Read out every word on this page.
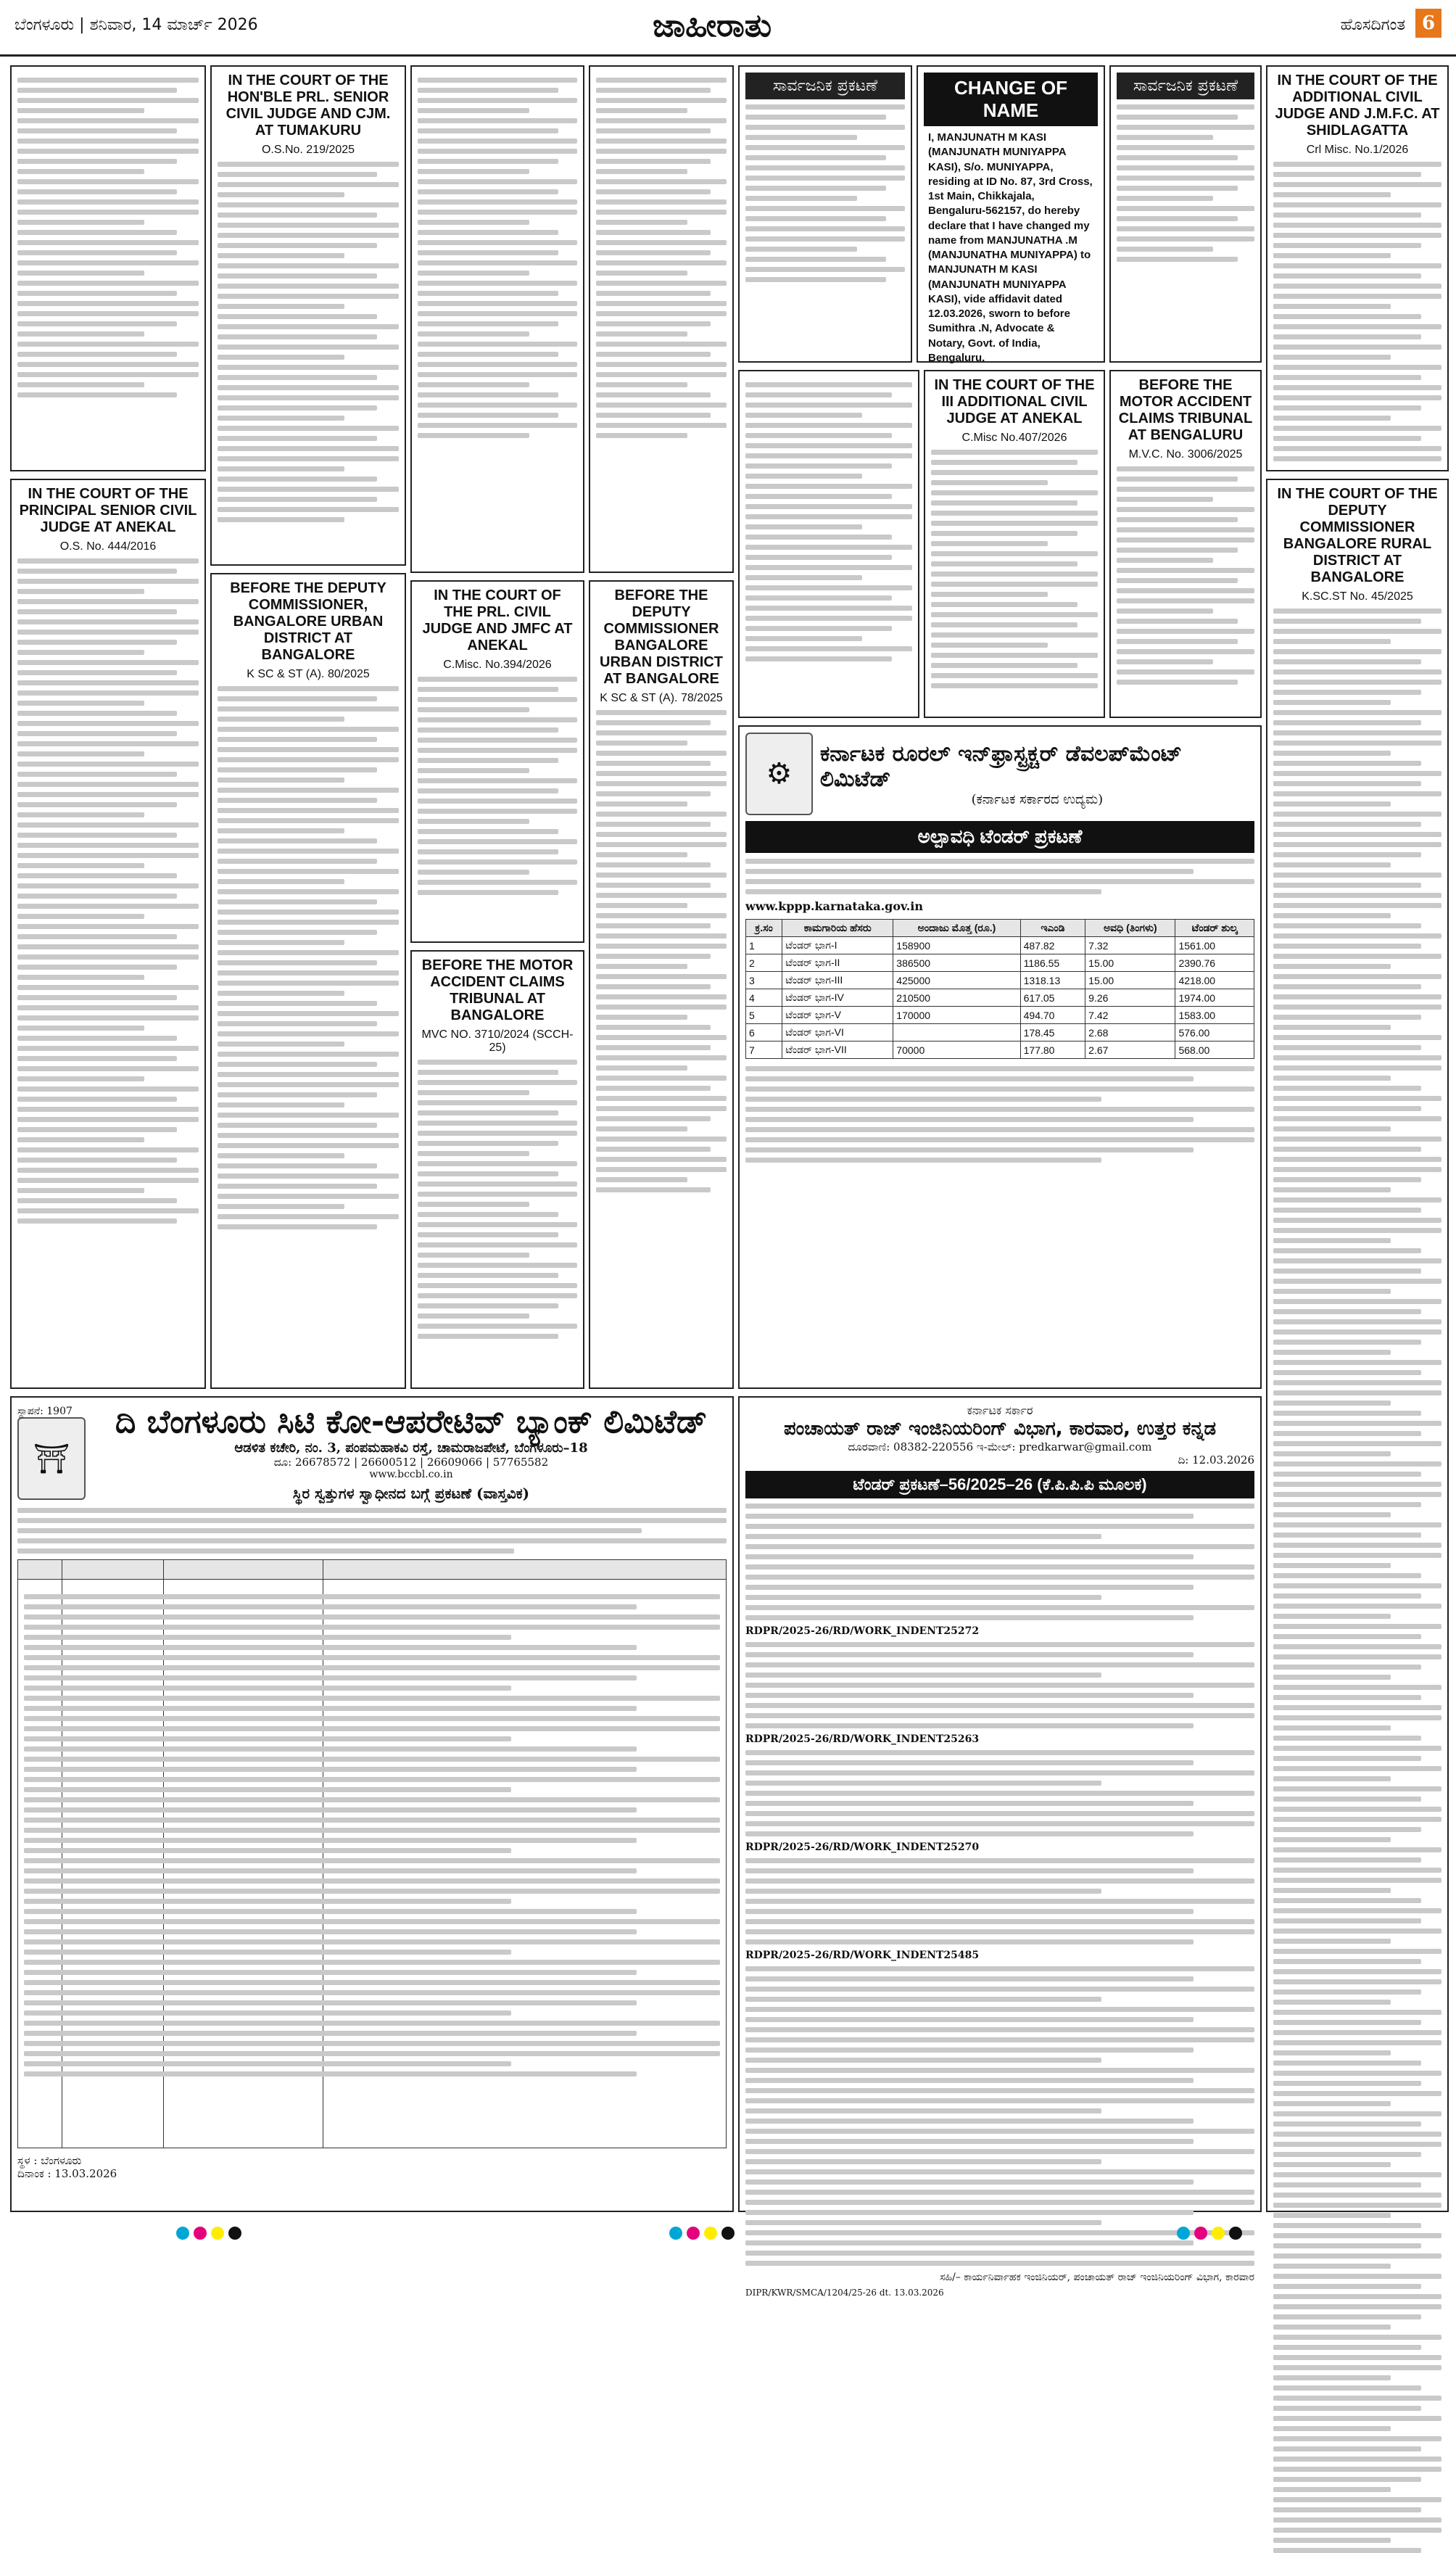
ಬೆಂಗಳೂರು | ಶನಿವಾರ, 14 ಮಾರ್ಚ್ 2026	ಜಾಹೀರಾತು	ಹೊಸದಿಗಂತ 6
IN THE COURT OF THE PRINCIPAL SENIOR CIVIL JUDGE AT ANEKAL
O.S. No. 444/2016
IN THE COURT OF THE HON'BLE PRL. SENIOR CIVIL JUDGE AND CJM. AT TUMAKURU
O.S.No. 219/2025
BEFORE THE DEPUTY COMMISSIONER, BANGALORE URBAN DISTRICT AT BANGALORE
K SC & ST (A). 80/2025
IN THE COURT OF THE PRL. CIVIL JUDGE AND JMFC AT ANEKAL
C.Misc. No.394/2026
BEFORE THE MOTOR ACCIDENT CLAIMS TRIBUNAL AT BANGALORE
MVC NO. 3710/2024 (SCCH-25)
BEFORE THE DEPUTY COMMISSIONER BANGALORE URBAN DISTRICT AT BANGALORE
K SC & ST (A). 78/2025
ಸಾರ್ವಜನಿಕ ಪ್ರಕಟಣೆ	CHANGE OF NAME
I, MANJUNATH M KASI (MANJUNATH MUNIYAPPA KASI), S/o. MUNIYAPPA, residing at ID No. 87, 3rd Cross, 1st Main, Chikkajala, Bengaluru-562157, do hereby declare that I have changed my name from MANJUNATHA .M (MANJUNATHA MUNIYAPPA) to MANJUNATH M KASI (MANJUNATH MUNIYAPPA KASI), vide affidavit dated 12.03.2026, sworn to before Sumithra .N, Advocate & Notary, Govt. of India, Bengaluru.
IN THE COURT OF THE III ADDITIONAL CIVIL JUDGE AT ANEKAL
C.Misc No.407/2026
ಸಾರ್ವಜನಿಕ ಪ್ರಕಟಣೆ
BEFORE THE MOTOR ACCIDENT CLAIMS TRIBUNAL AT BENGALURU
M.V.C. No. 3006/2025
IN THE COURT OF THE ADDITIONAL CIVIL JUDGE AND J.M.F.C. AT SHIDLAGATTA
Crl Misc. No.1/2026
IN THE COURT OF THE DEPUTY COMMISSIONER BANGALORE RURAL DISTRICT AT BANGALORE
K.SC.ST No. 45/2025
⚙
ಕರ್ನಾಟಕ ರೂರಲ್ ಇನ್‌ಫ್ರಾಸ್ಟ್ರಕ್ಚರ್ ಡೆವಲಪ್‌ಮೆಂಟ್ ಲಿಮಿಟೆಡ್
(ಕರ್ನಾಟಕ ಸರ್ಕಾರದ ಉದ್ಯಮ)
ಅಲ್ಪಾವಧಿ ಟೆಂಡರ್ ಪ್ರಕಟಣೆ
www.kppp.karnataka.gov.in
ಕ್ರ.ಸಂ	ಕಾಮಗಾರಿಯ ಹೆಸರು	ಅಂದಾಜು ಮೊತ್ತ (ರೂ.)	ಇಎಂಡಿ	ಅವಧಿ (ತಿಂಗಳು)	ಟೆಂಡರ್ ಶುಲ್ಕ
1	ಟೆಂಡರ್ ಭಾಗ-I	158900	487.82	7.32	1561.00
2	ಟೆಂಡರ್ ಭಾಗ-II	386500	1186.55	15.00	2390.76
3	ಟೆಂಡರ್ ಭಾಗ-III	425000	1318.13	15.00	4218.00
4	ಟೆಂಡರ್ ಭಾಗ-IV	210500	617.05	9.26	1974.00
5	ಟೆಂಡರ್ ಭಾಗ-V	170000	494.70	7.42	1583.00
6	ಟೆಂಡರ್ ಭಾಗ-VI		178.45	2.68	576.00
7	ಟೆಂಡರ್ ಭಾಗ-VII	70000	177.80	2.67	568.00
ಸ್ಥಾಪನೆ: 1907
⛩
ದಿ ಬೆಂಗಳೂರು ಸಿಟಿ ಕೋ-ಆಪರೇಟಿವ್ ಬ್ಯಾಂಕ್ ಲಿಮಿಟೆಡ್
ಆಡಳಿತ ಕಚೇರಿ, ನಂ. 3, ಪಂಪಮಹಾಕವಿ ರಸ್ತೆ, ಚಾಮರಾಜಪೇಟೆ, ಬೆಂಗಳೂರು–18
ದೂ: 26678572 | 26600512 | 26609066 | 57765582
www.bccbl.co.in
ಸ್ಥಿರ ಸ್ವತ್ತುಗಳ ಸ್ವಾಧೀನದ ಬಗ್ಗೆ ಪ್ರಕಟಣೆ (ವಾಸ್ತವಿಕ)
ಸ್ಥಳ : ಬೆಂಗಳೂರು
ದಿನಾಂಕ : 13.03.2026
ಕರ್ನಾಟಕ ಸರ್ಕಾರ
ಪಂಚಾಯತ್ ರಾಜ್ ಇಂಜಿನಿಯರಿಂಗ್ ವಿಭಾಗ, ಕಾರವಾರ, ಉತ್ತರ ಕನ್ನಡ
ದೂರವಾಣಿ: 08382-220556 ಇ-ಮೇಲ್: predkarwar@gmail.com
ದಿ: 12.03.2026
ಟೆಂಡರ್ ಪ್ರಕಟಣೆ–56/2025–26 (ಕೆ.ಪಿ.ಪಿ.ಪಿ ಮೂಲಕ)
RDPR/2025-26/RD/WORK_INDENT25272
RDPR/2025-26/RD/WORK_INDENT25263
RDPR/2025-26/RD/WORK_INDENT25270
RDPR/2025-26/RD/WORK_INDENT25485
ಸಹಿ/– ಕಾರ್ಯನಿರ್ವಾಹಕ ಇಂಜಿನಿಯರ್, ಪಂಚಾಯತ್ ರಾಜ್ ಇಂಜಿನಿಯರಿಂಗ್ ವಿಭಾಗ, ಕಾರವಾರ
DIPR/KWR/SMCA/1204/25-26 dt. 13.03.2026
